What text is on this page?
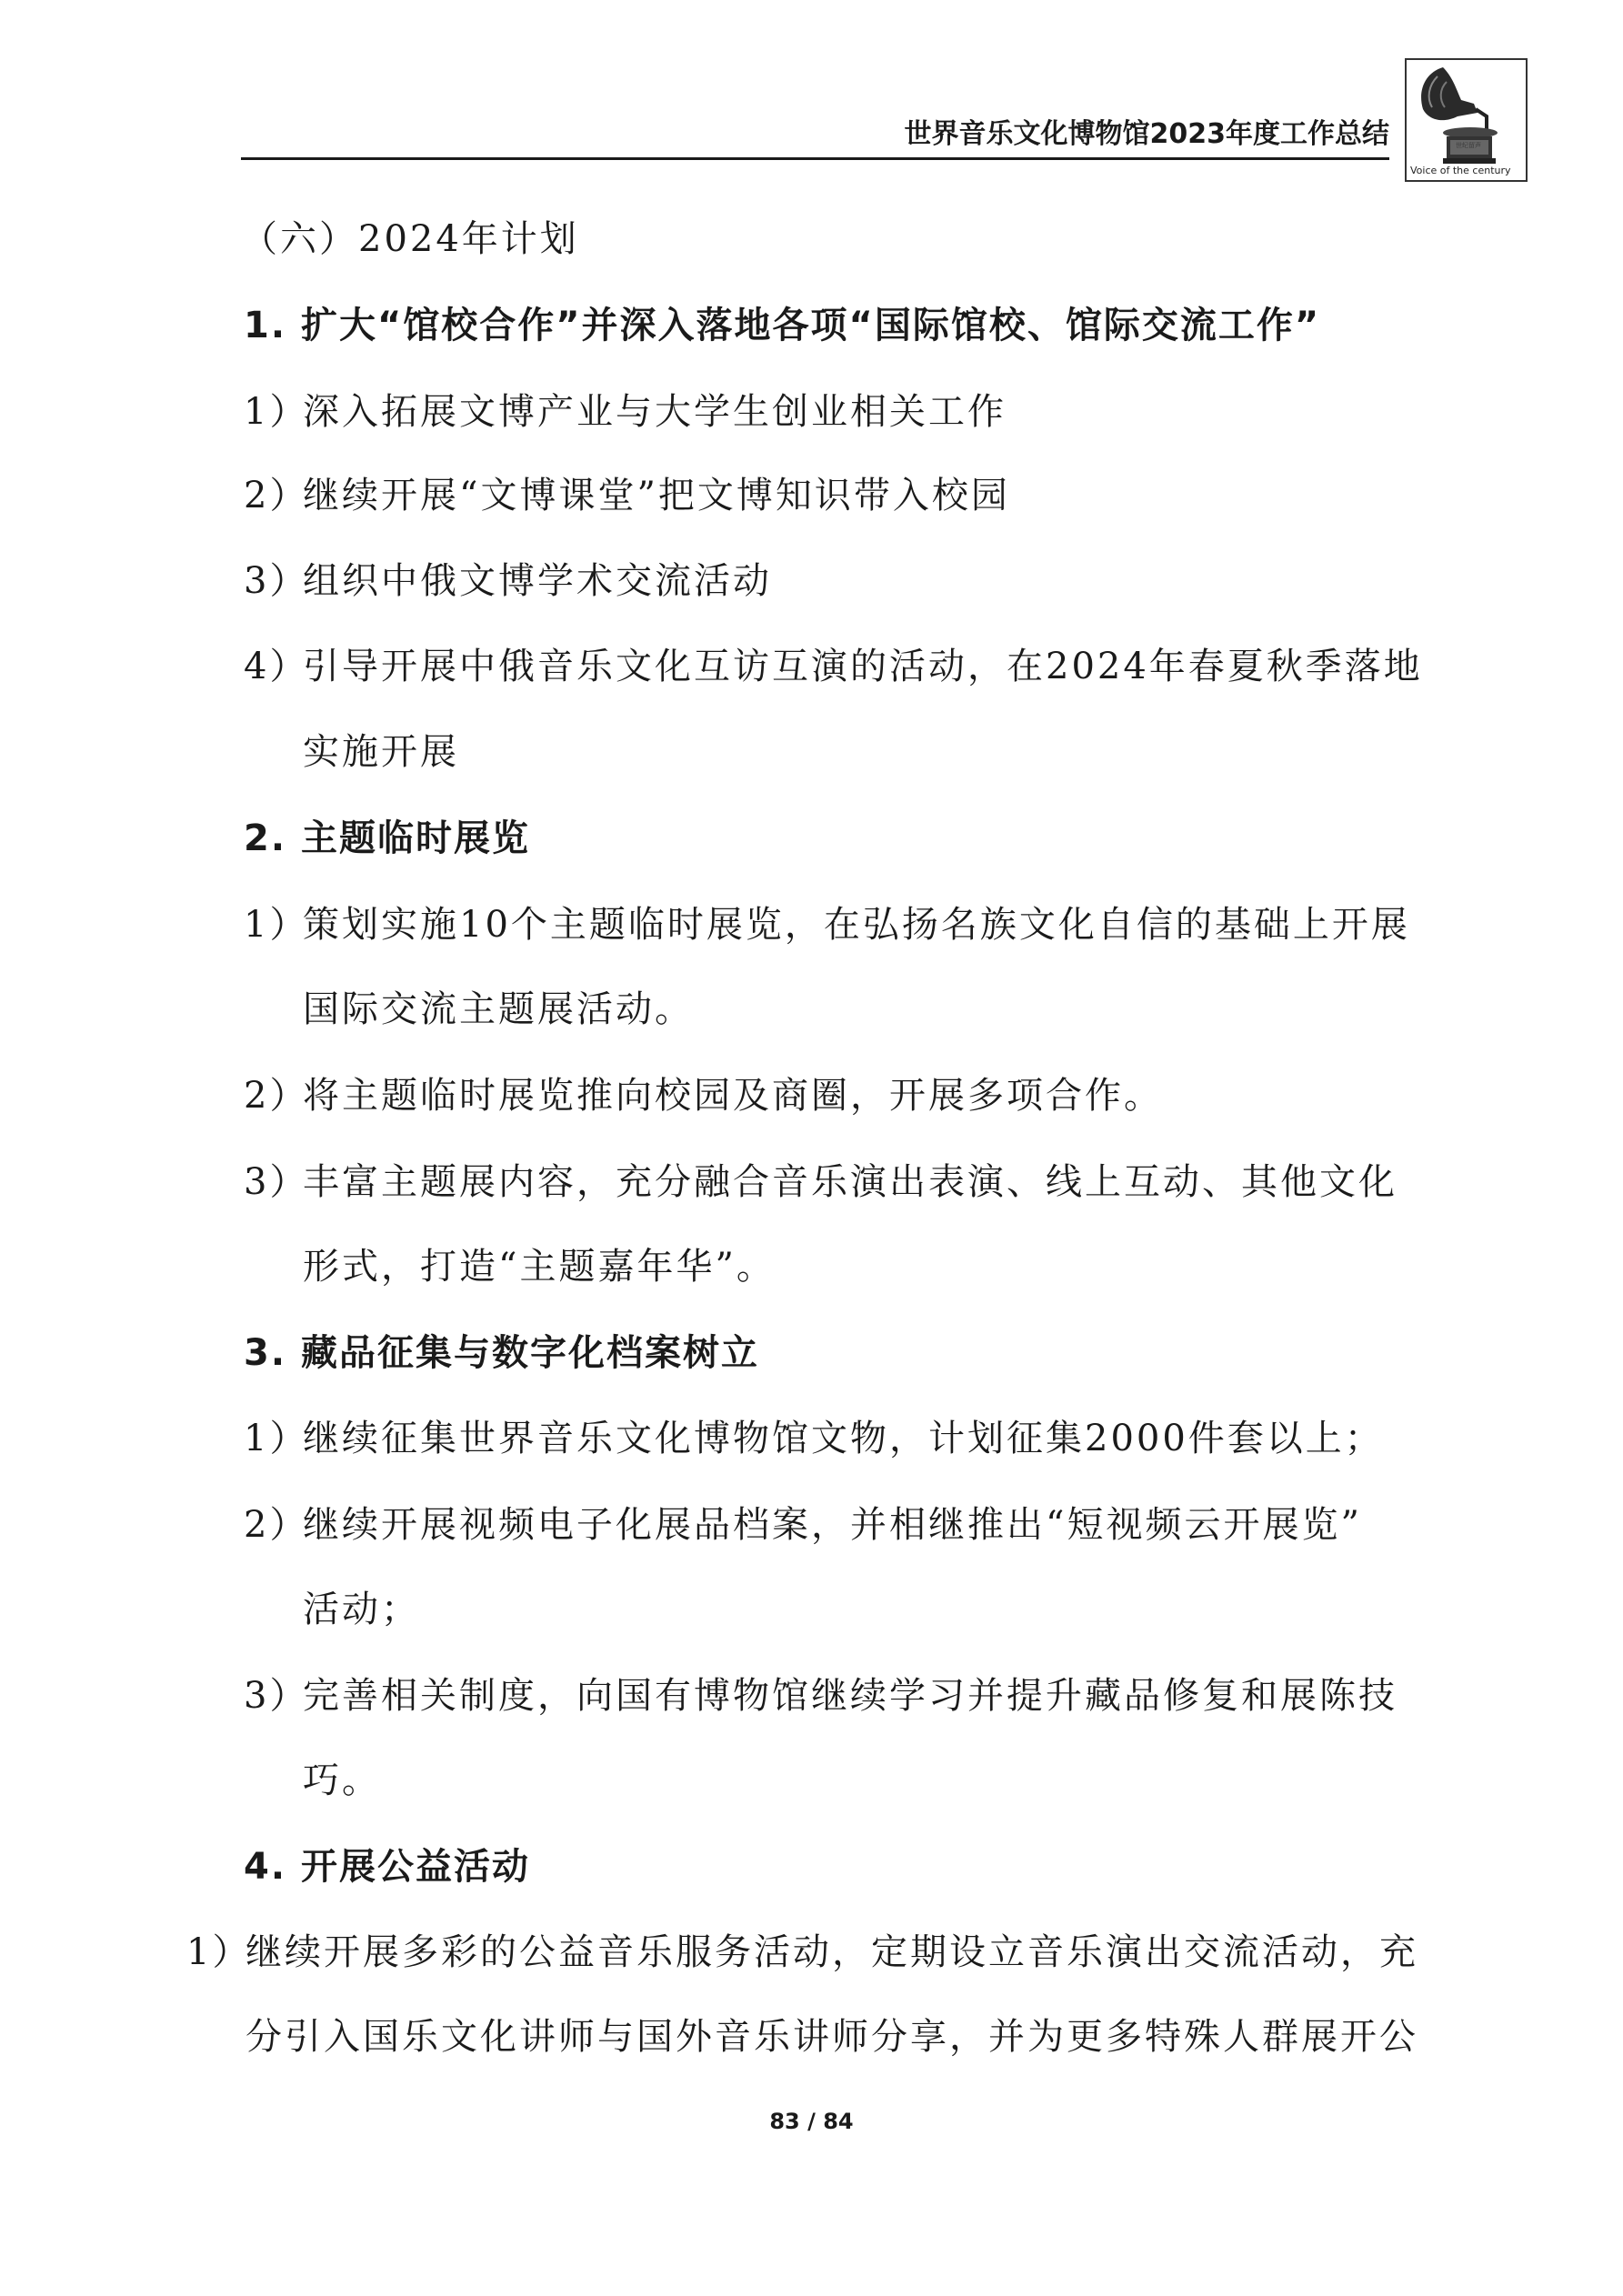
世界音乐文化博物馆2023年度工作总结	世纪留声
Voice of the century
（六）2024年计划
1. 扩大“馆校合作”并深入落地各项“国际馆校、馆际交流工作”
1）深入拓展文博产业与大学生创业相关工作
2）继续开展“文博课堂”把文博知识带入校园
3）组织中俄文博学术交流活动
4）引导开展中俄音乐文化互访互演的活动，在2024年春夏秋季落地
实施开展
2. 主题临时展览
1）策划实施10个主题临时展览，在弘扬名族文化自信的基础上开展
国际交流主题展活动。
2）将主题临时展览推向校园及商圈，开展多项合作。
3）丰富主题展内容，充分融合音乐演出表演、线上互动、其他文化
形式，打造“主题嘉年华”。
3. 藏品征集与数字化档案树立
1）继续征集世界音乐文化博物馆文物，计划征集2000件套以上；
2）继续开展视频电子化展品档案，并相继推出“短视频云开展览”
活动；
3）完善相关制度，向国有博物馆继续学习并提升藏品修复和展陈技
巧。
4. 开展公益活动
1）继续开展多彩的公益音乐服务活动，定期设立音乐演出交流活动，充
分引入国乐文化讲师与国外音乐讲师分享，并为更多特殊人群展开公
83 / 84
